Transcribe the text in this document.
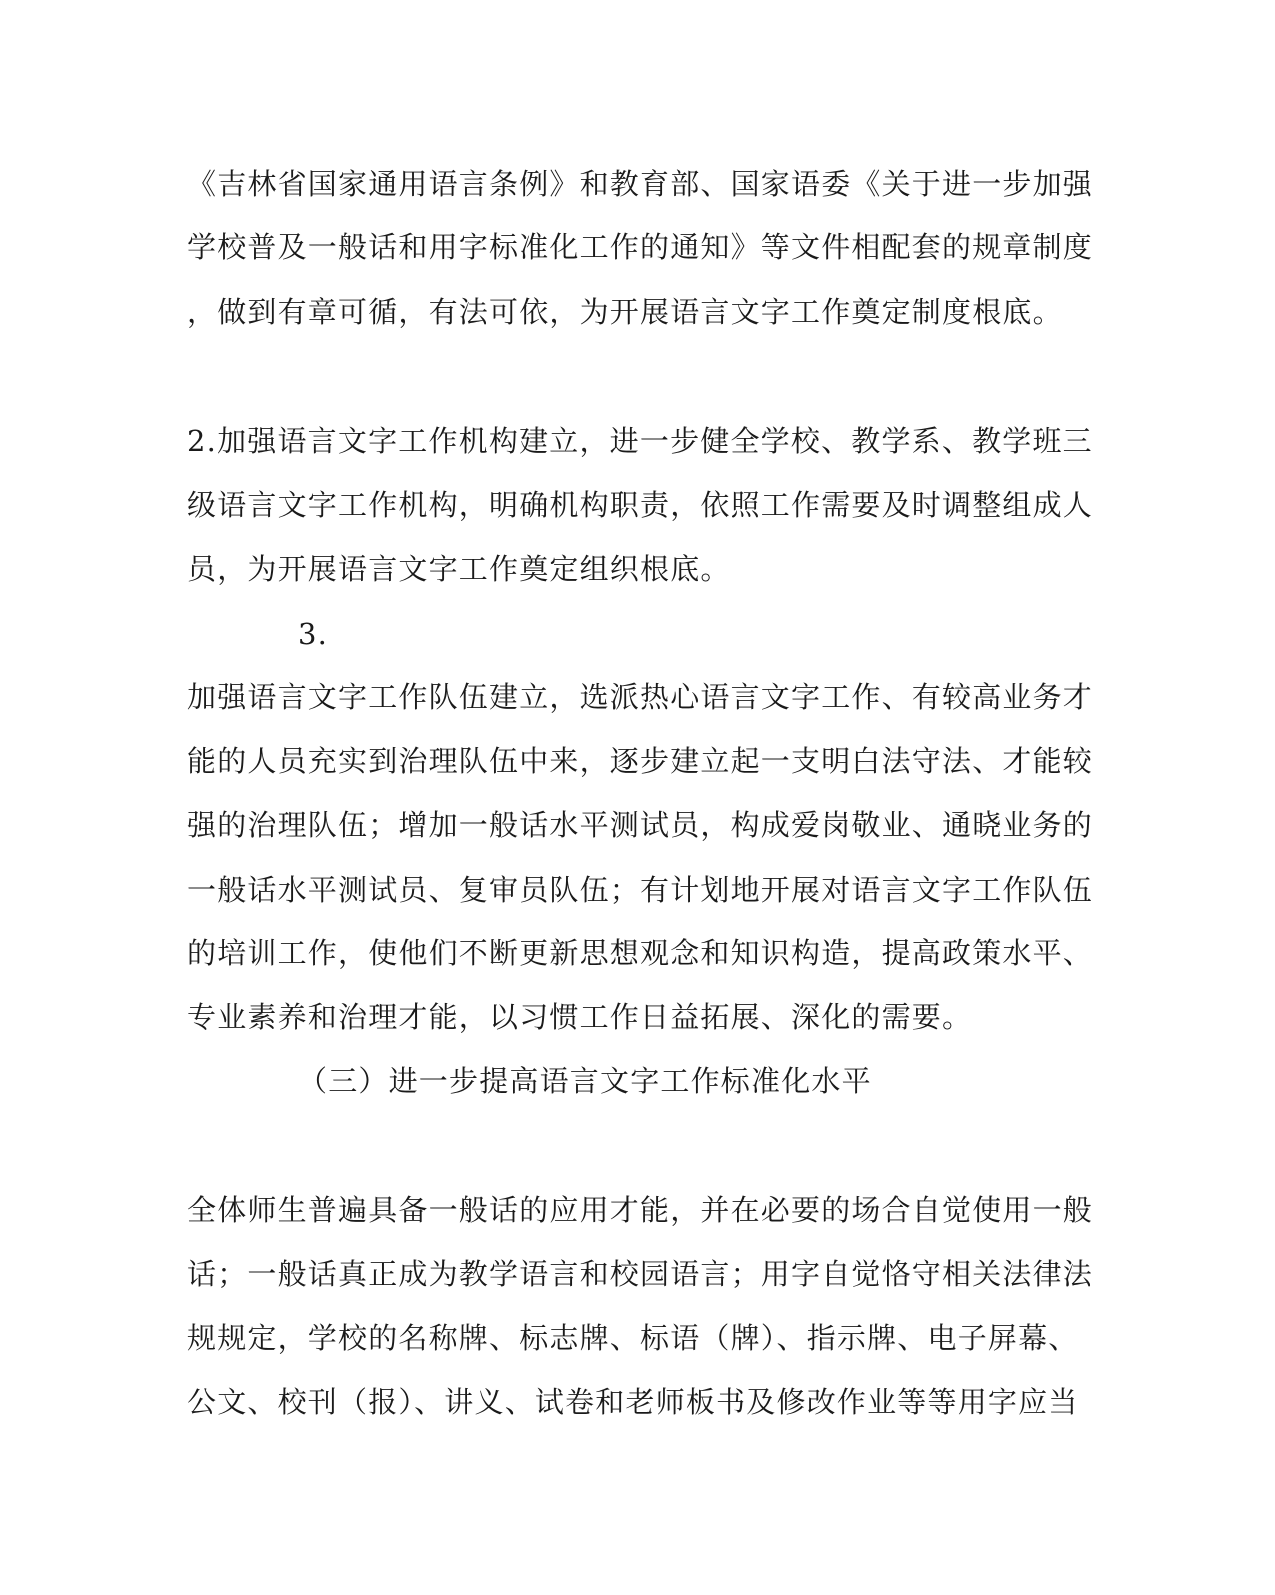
《吉林省国家通用语言条例》和教育部、国家语委《关于进一步加强
学校普及一般话和用字标准化工作的通知》等文件相配套的规章制度
，做到有章可循，有法可依，为开展语言文字工作奠定制度根底。
2.加强语言文字工作机构建立，进一步健全学校、教学系、教学班三
级语言文字工作机构，明确机构职责，依照工作需要及时调整组成人
员，为开展语言文字工作奠定组织根底。
3.
加强语言文字工作队伍建立，选派热心语言文字工作、有较高业务才
能的人员充实到治理队伍中来，逐步建立起一支明白法守法、才能较
强的治理队伍；增加一般话水平测试员，构成爱岗敬业、通晓业务的
一般话水平测试员、复审员队伍；有计划地开展对语言文字工作队伍
的培训工作，使他们不断更新思想观念和知识构造，提高政策水平、
专业素养和治理才能，以习惯工作日益拓展、深化的需要。
（三）进一步提高语言文字工作标准化水平
全体师生普遍具备一般话的应用才能，并在必要的场合自觉使用一般
话；一般话真正成为教学语言和校园语言；用字自觉恪守相关法律法
规规定，学校的名称牌、标志牌、标语（牌）、指示牌、电子屏幕、
公文、校刊（报）、讲义、试卷和老师板书及修改作业等等用字应当
